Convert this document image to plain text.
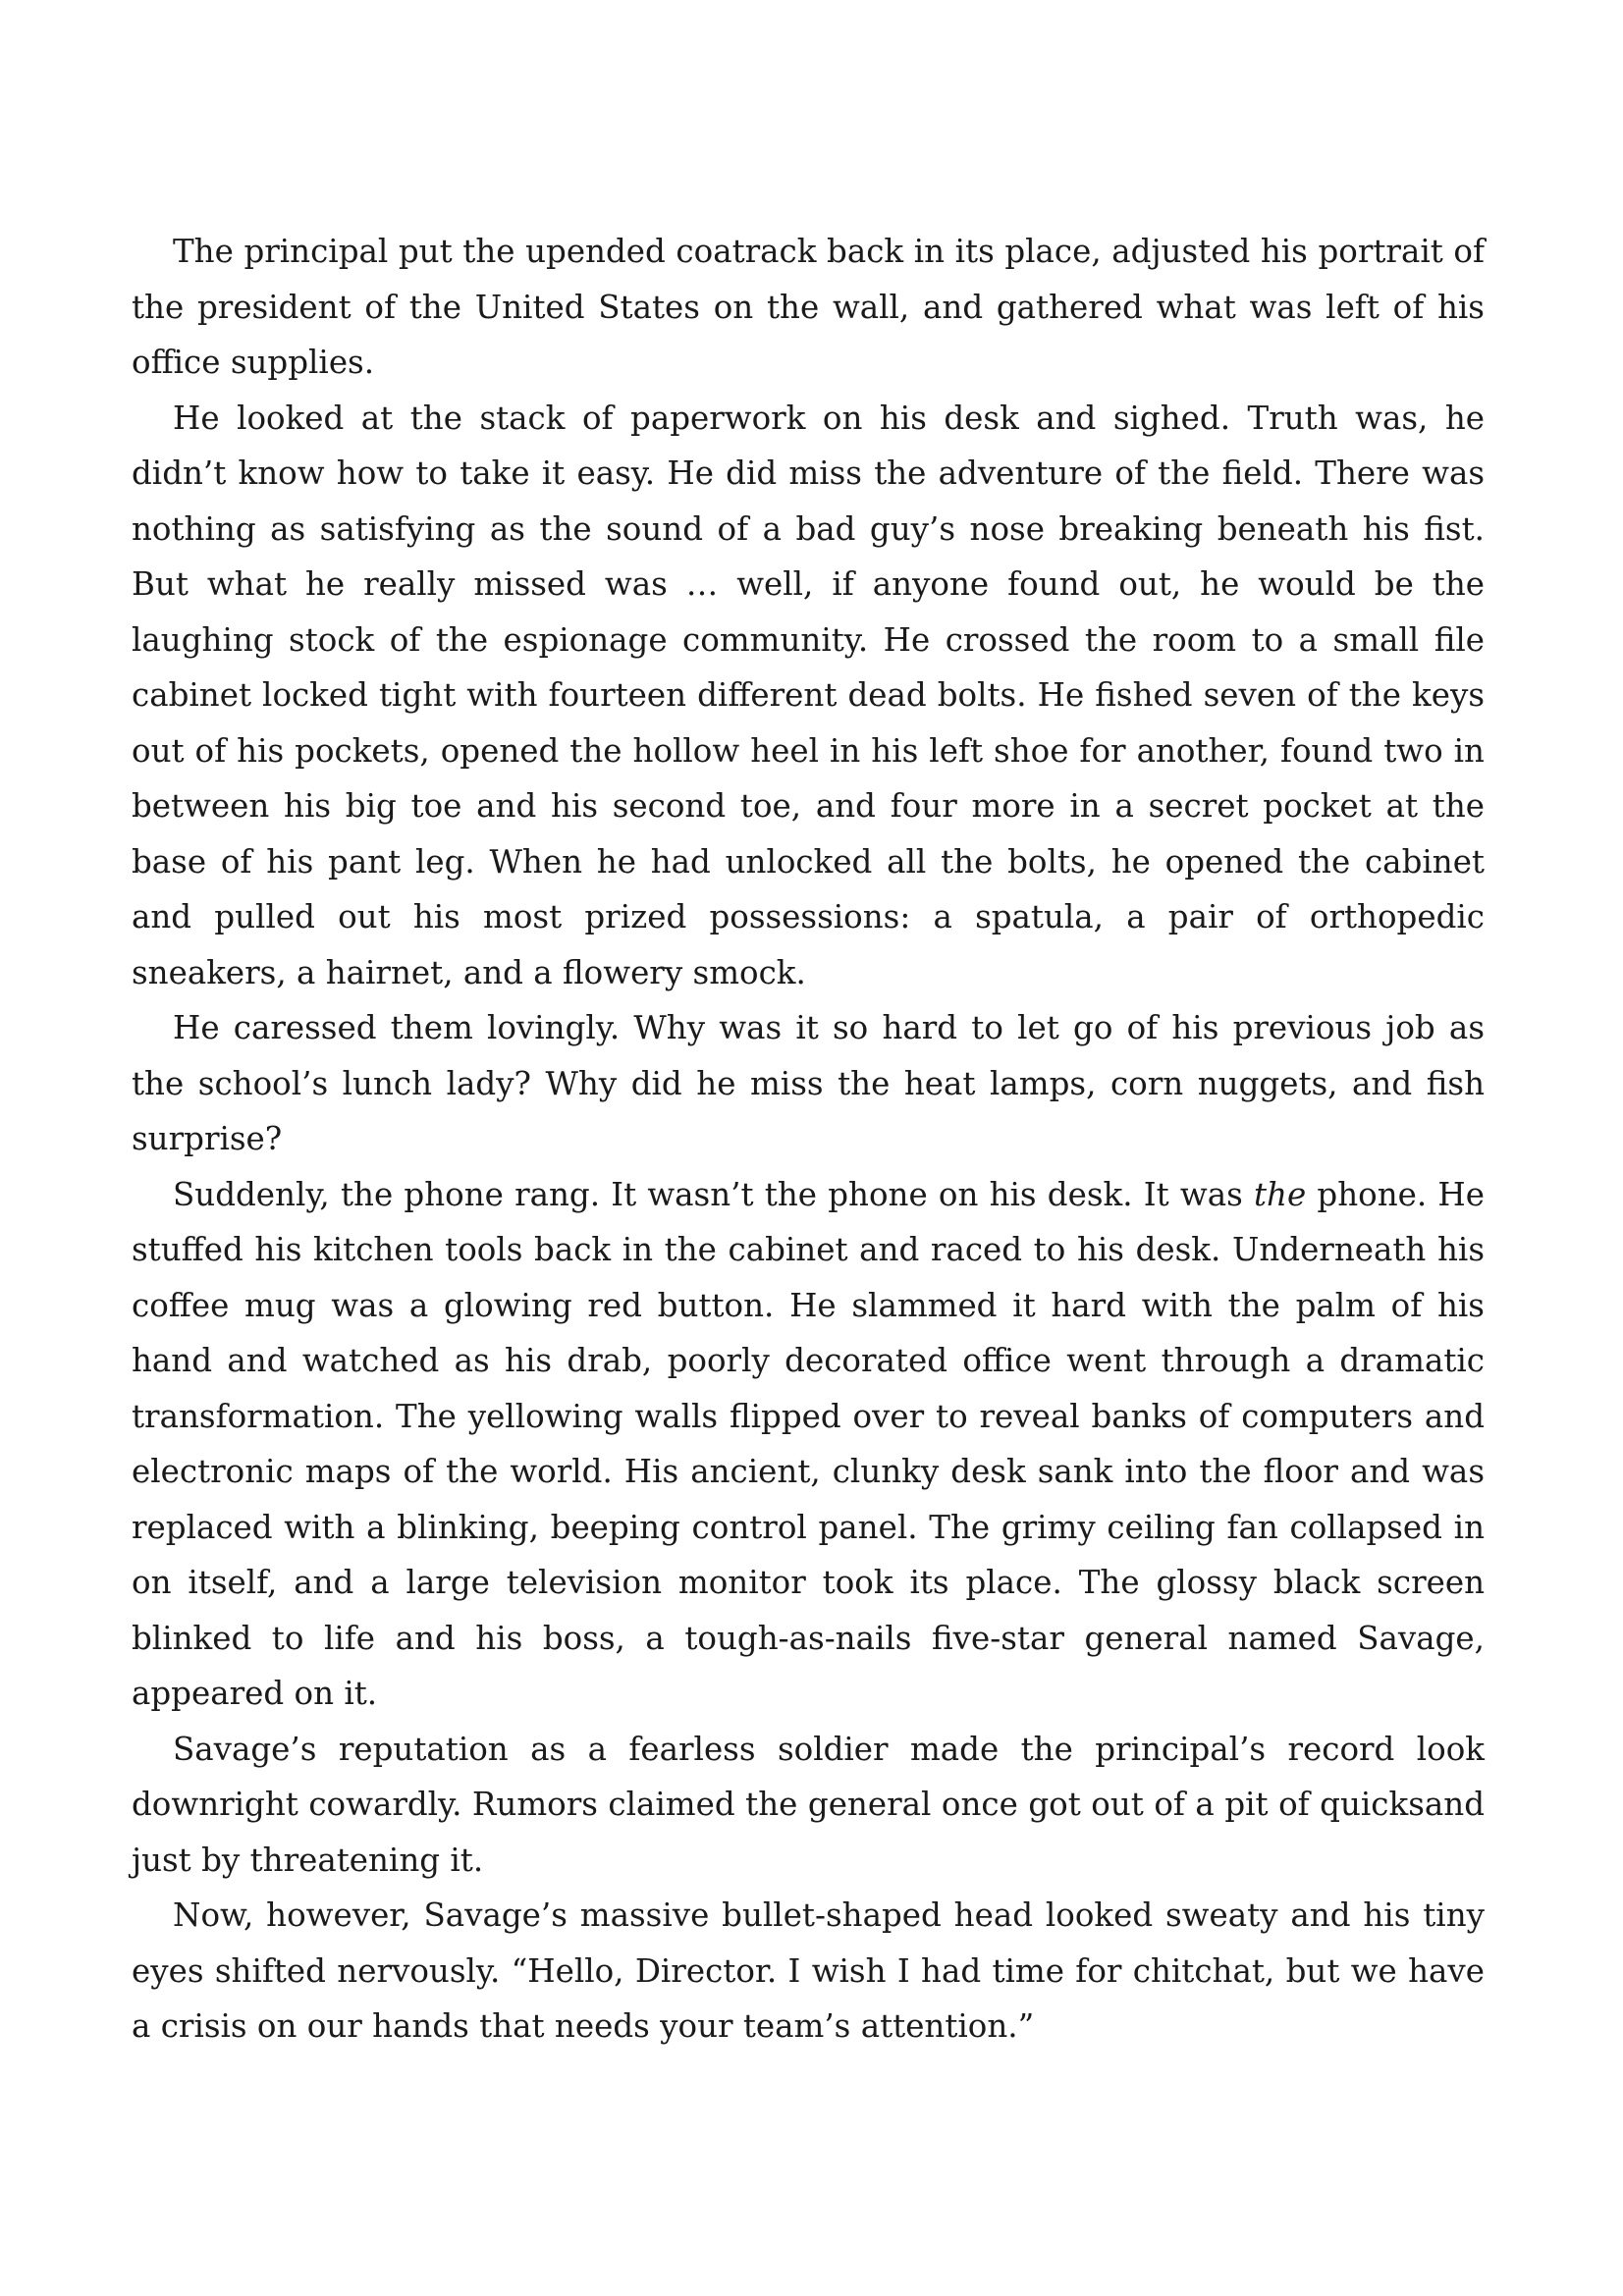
The principal put the upended coatrack back in its place, adjusted his portrait of the president of the United States on the wall, and gathered what was left of his office supplies.

He looked at the stack of paperwork on his desk and sighed. Truth was, he didn’t know how to take it easy. He did miss the adventure of the field. There was nothing as satisfying as the sound of a bad guy’s nose breaking beneath his fist. But what he really missed was … well, if anyone found out, he would be the laughing stock of the espionage community. He crossed the room to a small file cabinet locked tight with fourteen different dead bolts. He fished seven of the keys out of his pockets, opened the hollow heel in his left shoe for another, found two in between his big toe and his second toe, and four more in a secret pocket at the base of his pant leg. When he had unlocked all the bolts, he opened the cabinet and pulled out his most prized possessions: a spatula, a pair of orthopedic sneakers, a hairnet, and a flowery smock.

He caressed them lovingly. Why was it so hard to let go of his previous job as the school’s lunch lady? Why did he miss the heat lamps, corn nuggets, and fish surprise?

Suddenly, the phone rang. It wasn’t the phone on his desk. It was the phone. He stuffed his kitchen tools back in the cabinet and raced to his desk. Underneath his coffee mug was a glowing red button. He slammed it hard with the palm of his hand and watched as his drab, poorly decorated office went through a dramatic transformation. The yellowing walls flipped over to reveal banks of computers and electronic maps of the world. His ancient, clunky desk sank into the floor and was replaced with a blinking, beeping control panel. The grimy ceiling fan collapsed in on itself, and a large television monitor took its place. The glossy black screen blinked to life and his boss, a tough-as-nails five-star general named Savage, appeared on it.

Savage’s reputation as a fearless soldier made the principal’s record look downright cowardly. Rumors claimed the general once got out of a pit of quicksand just by threatening it.

Now, however, Savage’s massive bullet-shaped head looked sweaty and his tiny eyes shifted nervously. “Hello, Director. I wish I had time for chitchat, but we have a crisis on our hands that needs your team’s attention.”
